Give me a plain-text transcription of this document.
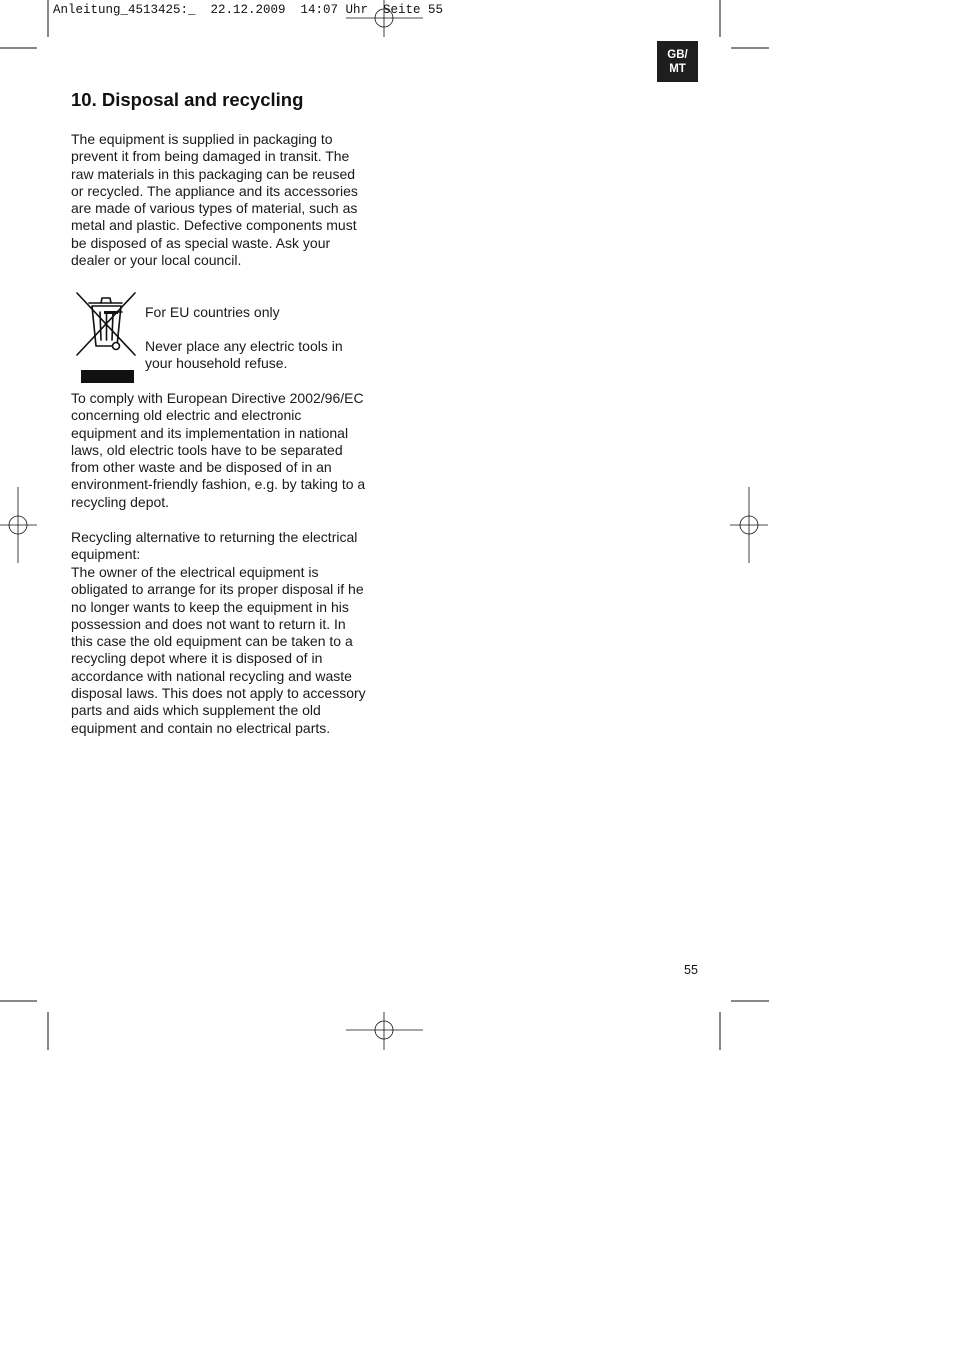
Anleitung_4513425:_  22.12.2009  14:07 Uhr  Seite 55
GB/
MT
10. Disposal and recycling

The equipment is supplied in packaging to
prevent it from being damaged in transit. The
raw materials in this packaging can be reused
or recycled. The appliance and its accessories
are made of various types of material, such as
metal and plastic. Defective components must
be disposed of as special waste. Ask your
dealer or your local council.

For EU countries only

Never place any electric tools in
your household refuse.

To comply with European Directive 2002/96/EC
concerning old electric and electronic
equipment and its implementation in national
laws, old electric tools have to be separated
from other waste and be disposed of in an
environment-friendly fashion, e.g. by taking to a
recycling depot.

Recycling alternative to returning the electrical
equipment:

The owner of the electrical equipment is
obligated to arrange for its proper disposal if he
no longer wants to keep the equipment in his
possession and does not want to return it. In
this case the old equipment can be taken to a
recycling depot where it is disposed of in
accordance with national recycling and waste
disposal laws. This does not apply to accessory
parts and aids which supplement the old
equipment and contain no electrical parts.

55
